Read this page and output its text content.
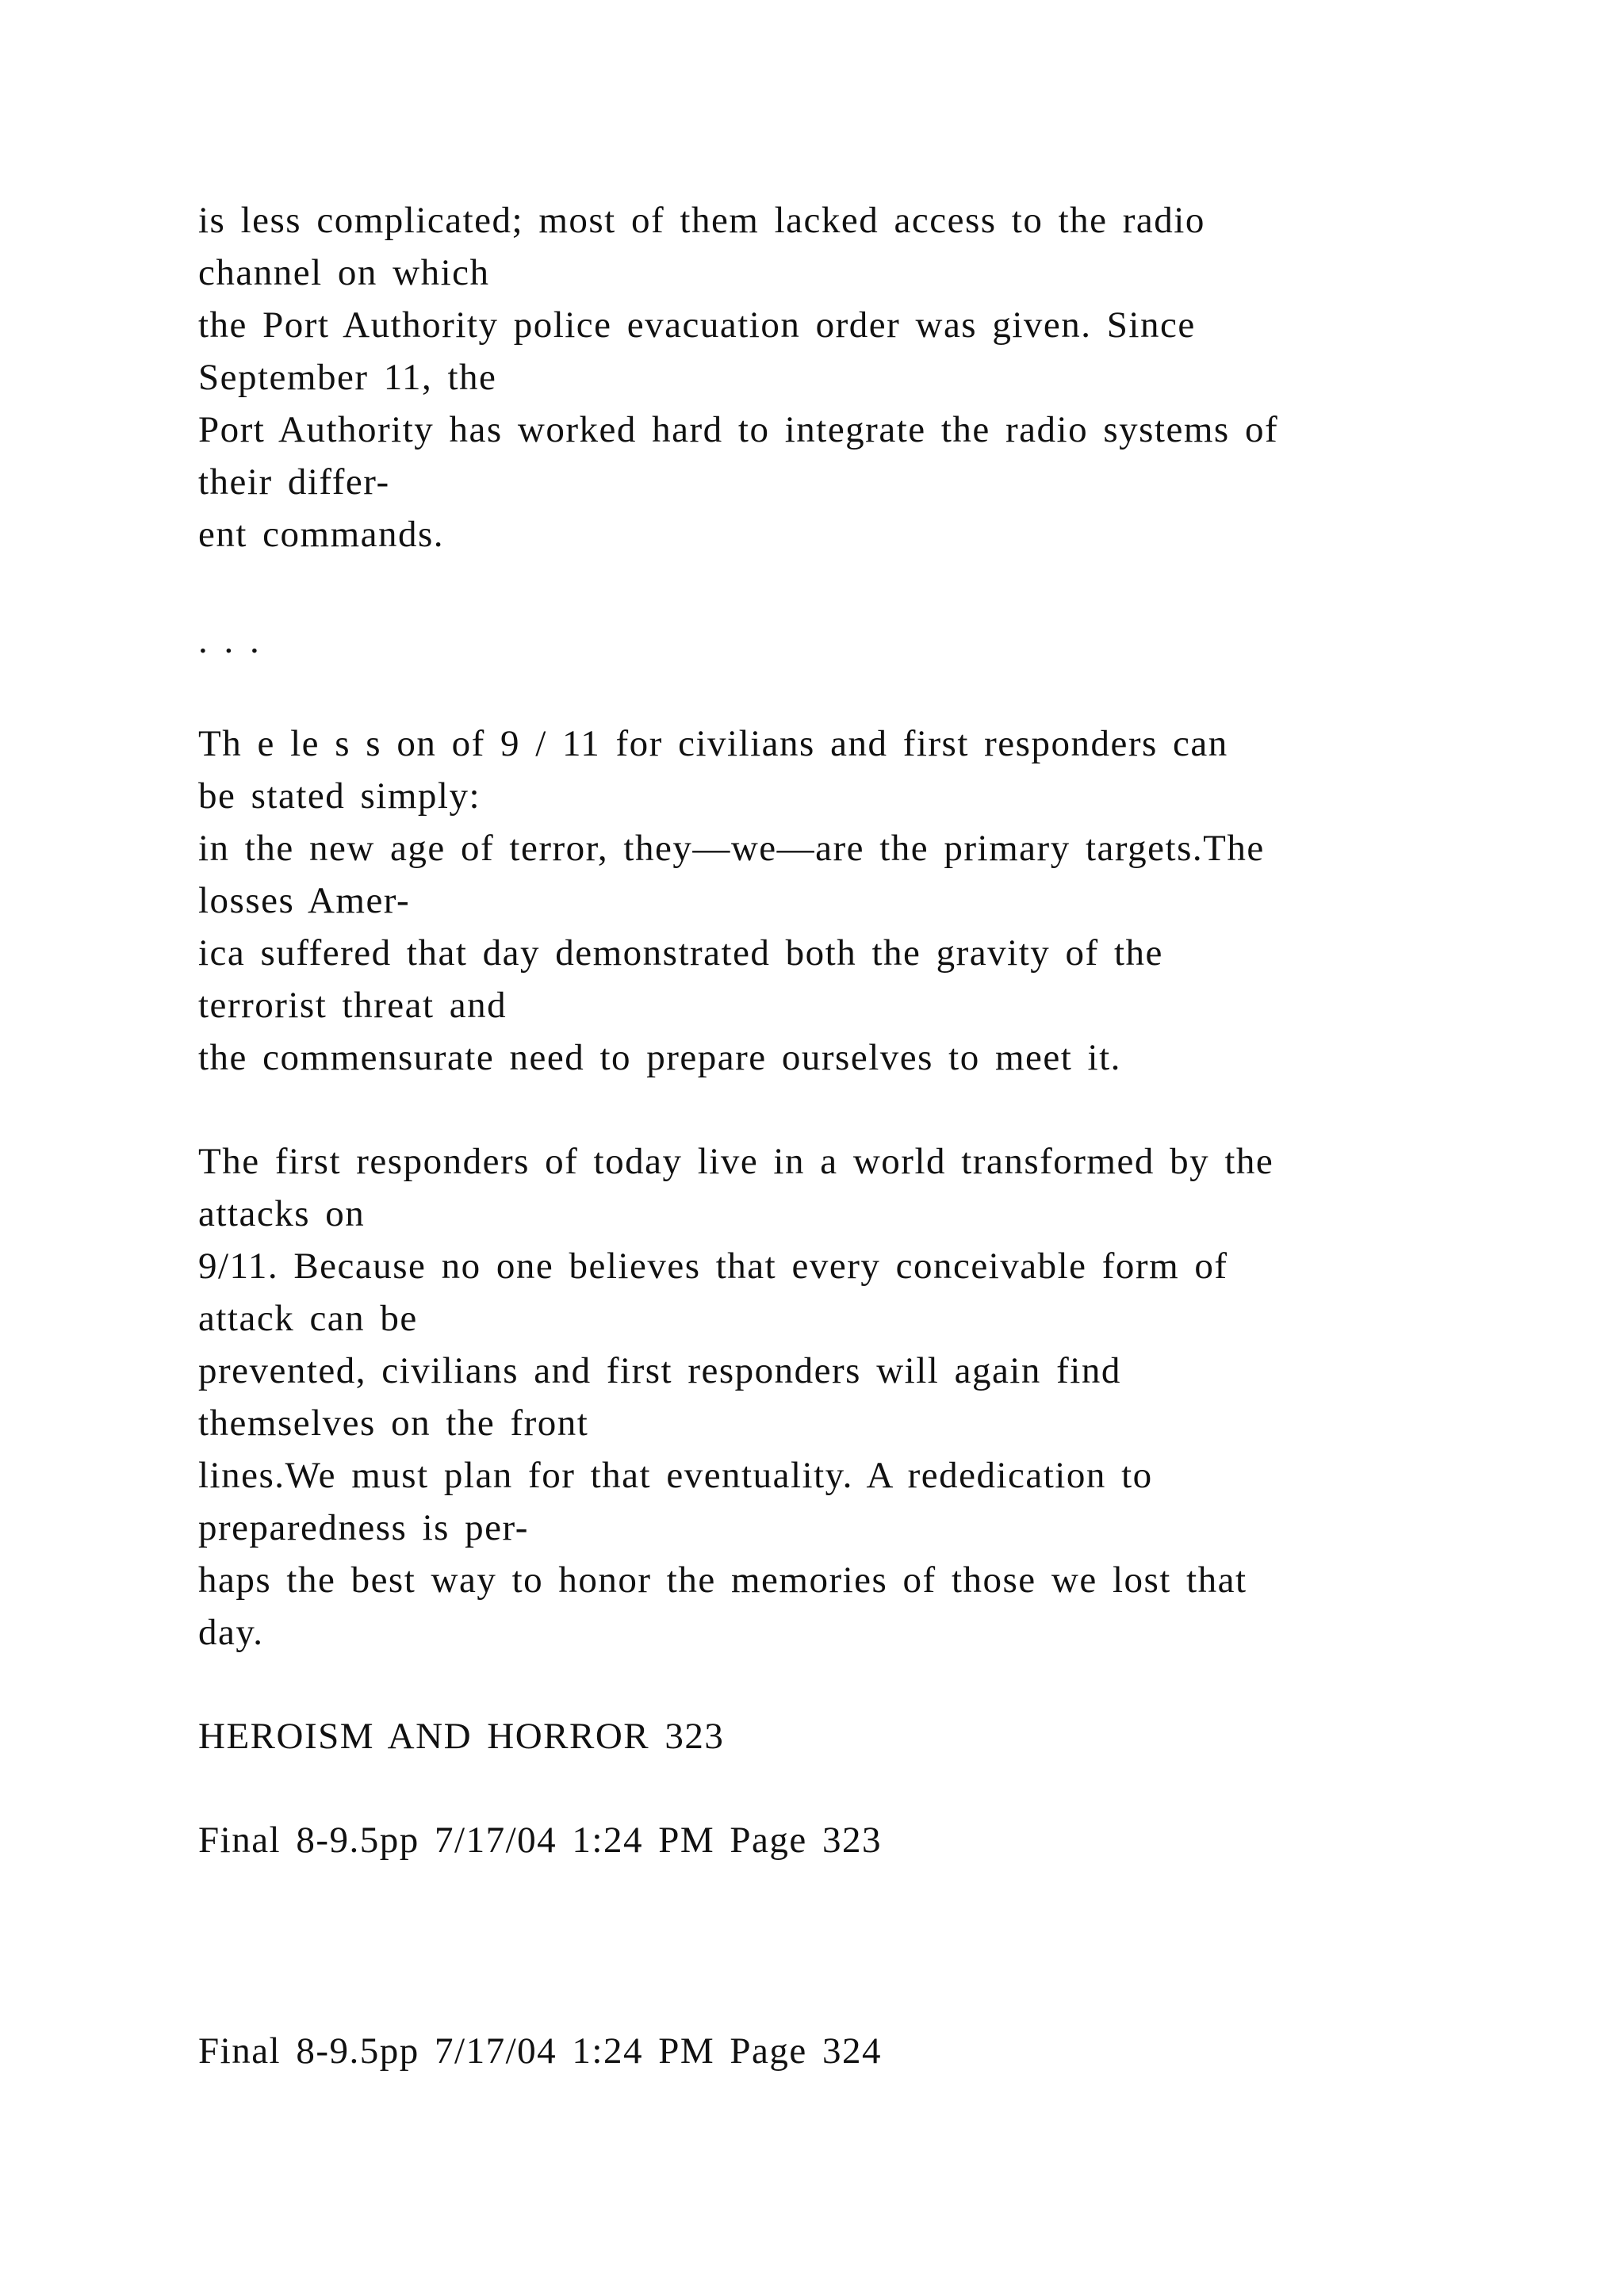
is less complicated; most of them lacked access to the radio
channel on which
the Port Authority police evacuation order was given. Since
September 11, the
Port Authority has worked hard to integrate the radio systems of
their differ-
ent commands.
. . .
Th e le s s on of 9 / 11 for civilians and first responders can
be stated simply:
in the new age of terror, they—we—are the primary targets.The
losses Amer-
ica suffered that day demonstrated both the gravity of the
terrorist threat and
the commensurate need to prepare ourselves to meet it.
The first responders of today live in a world transformed by the
attacks on
9/11. Because no one believes that every conceivable form of
attack can be
prevented, civilians and first responders will again find
themselves on the front
lines.We must plan for that eventuality. A rededication to
preparedness is per-
haps the best way to honor the memories of those we lost that
day.
HEROISM AND HORROR 323
Final 8-9.5pp 7/17/04 1:24 PM Page 323
Final 8-9.5pp 7/17/04 1:24 PM Page 324
